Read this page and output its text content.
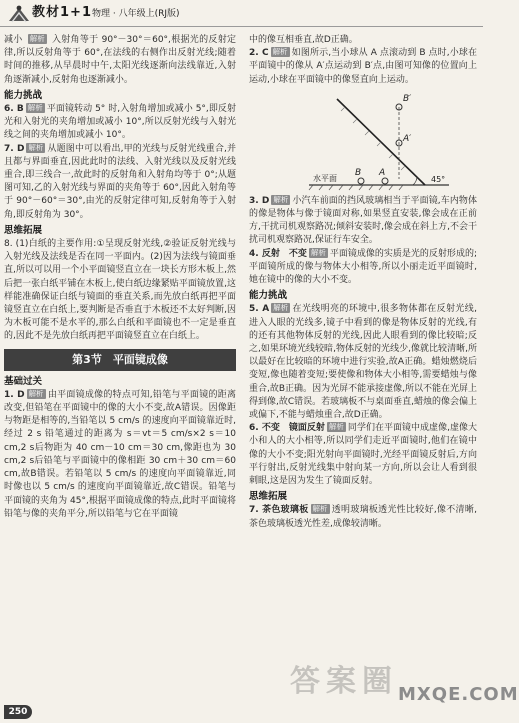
教材1+1 物理 · 八年级上(RJ版)

减小 解析 入射角等于 90°－30°＝60°,根据光的反射定律,所以反射角等于 60°,在法线的右侧作出反射光线;随着时间的推移,从早晨时中午,太阳光线逐渐向法线靠近,入射角逐渐减小,反射角也逐渐减小。

能力挑战

6. B 解析 平面镜转动 5° 时,入射角增加或减小 5°,即反射光和入射光的夹角增加或减小 10°,所以反射光线与入射光线之间的夹角增加或减小 10°。

7. D 解析 从题图中可以看出,甲的光线与反射光线重合,并且都与界面垂直,因此此时的法线、入射光线以及反射光线重合,即三线合一,故此时的反射角和入射角均等于 0°;从题图可知,乙的入射光线与界面的夹角等于 60°,因此入射角等于 90°－60°＝30°,由光的反射定律可知,反射角等于入射角,即反射角为 30°。

思维拓展

8. (1)白纸的主要作用:①呈现反射光线,②验证反射光线与入射光线及法线是否在同一平面内。(2)因为法线与镜面垂直,所以可以用一个小平面镜竖直立在一块长方形木板上,然后把一张白纸平铺在木板上,使白纸边缘紧贴平面镜放置,这样能准确保证白纸与镜面的垂直关系,而先放白纸再把平面镜竖直立在白纸上,要判断是否垂直于木板还不太好判断,因为木板可能不是水平的,那么白纸和平面镜也不一定是垂直的,因此不是先放白纸再把平面镜竖直立在白纸上。

第3节　平面镜成像
基础过关

1. D 解析 由平面镜成像的特点可知,铅笔与平面镜的距离改变,但铅笔在平面镜中的像的大小不变,故A错误。因像距与物距是相等的,当铅笔以 5 cm/s 的速度向平面镜靠近时,经过 2 s 铅笔通过的距离为 s＝vt＝5 cm/s×2 s＝10 cm,2 s后物距为 40 cm－10 cm＝30 cm,像距也为 30 cm,2 s后铅笔与平面镜中的像相距 30 cm＋30 cm＝60 cm,故B错误。若铅笔以 5 cm/s 的速度向平面镜靠近,同时像也以 5 cm/s 的速度向平面镜靠近,故C错误。铅笔与平面镜的夹角为 45°,根据平面镜成像的特点,此时平面镜将铅笔与像的夹角平分,所以铅笔与它在平面镜

中的像互相垂直,故D正确。

2. C 解析 如图所示,当小球从 A 点滚动到 B 点时,小球在平面镜中的像从 A′点运动到 B′点,由图可知像的位置向上运动,小球在平面镜中的像竖直向上运动。

B′
A′
B A
45°
水平面

3. D 解析 小汽车前面的挡风玻璃相当于平面镜,车内物体的像是物体与像于镜面对称,如果竖直安装,像会成在正前方,干扰司机观察路况;倾斜安装时,像会成在斜上方,不会干扰司机观察路况,保证行车安全。

4. 反射　不变 解析 平面镜成像的实质是光的反射形成的;平面镜所成的像与物体大小相等,所以小丽走近平面镜时,她在镜中的像的大小不变。

能力挑战

5. A 解析 在光线明亮的环境中,很多物体都在反射光线,进入人眼的光线多,镜子中看到的像是物体反射的光线,有的还有其他物体反射的光线,因此人眼看到的像比较暗;反之,如果环境光线较暗,物体反射的光线少,像就比较清晰,所以最好在比较暗的环境中进行实验,故A正确。蜡烛燃烧后变短,像也随着变短;要使像和物体大小相等,需要蜡烛与像重合,故B正确。因为光屏不能承接虚像,所以不能在光屏上得到像,故C错误。若玻璃板不与桌面垂直,蜡烛的像会偏上或偏下,不能与蜡烛重合,故D正确。

6. 不变　镜面反射 解析 同学们在平面镜中成虚像,虚像大小和人的大小相等,所以同学们走近平面镜时,他们在镜中像的大小不变;阳光射向平面镜时,光经平面镜反射后,方向平行射出,反射光线集中射向某一方向,所以会让人看到很刺眼,这是因为发生了镜面反射。

思维拓展

7. 茶色玻璃板 解析 透明玻璃板透光性比较好,像不清晰,茶色玻璃板透光性差,成像较清晰。

答案圈 MXQE.COM
250
